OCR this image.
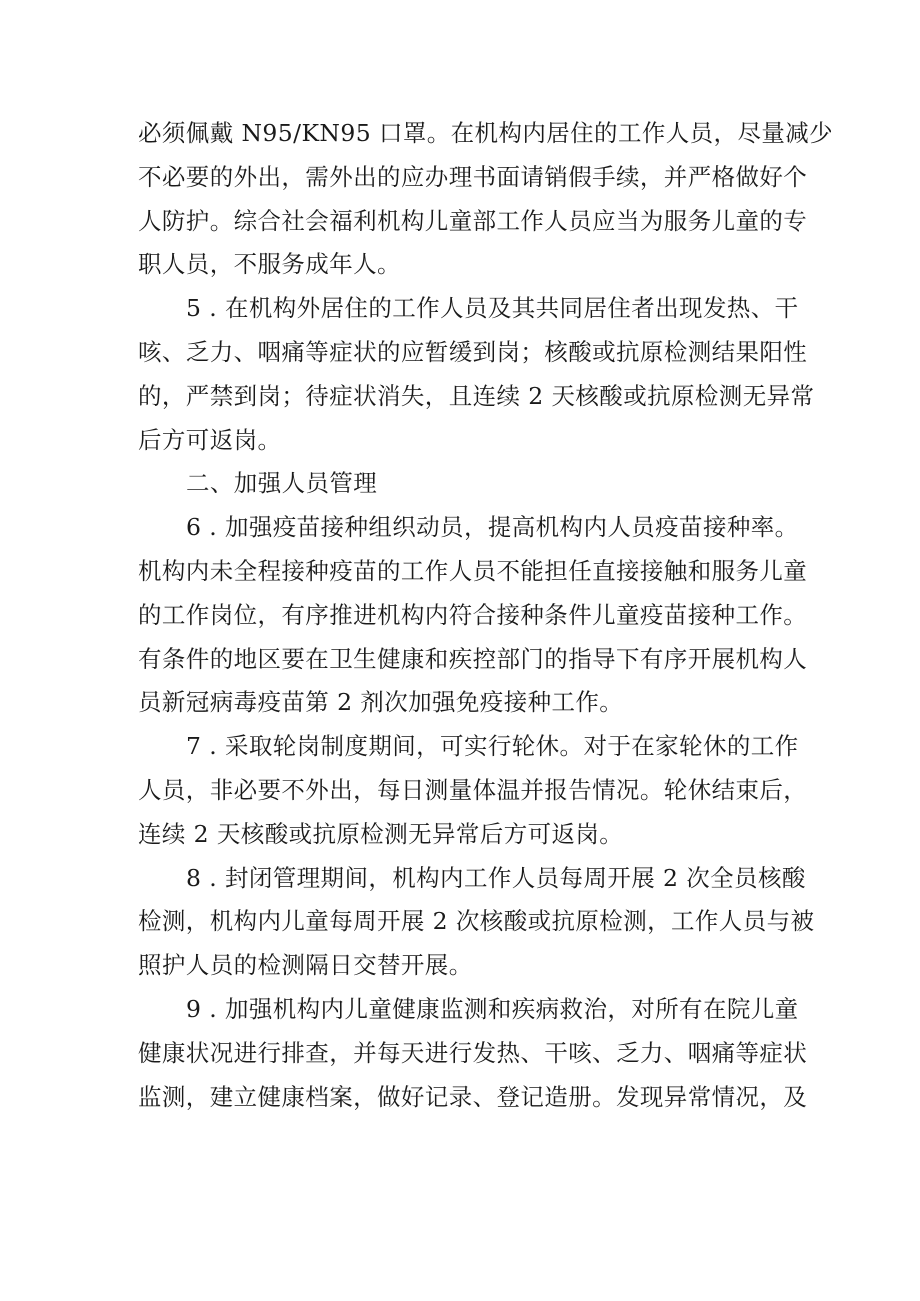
必须佩戴 N95/KN95 口罩。在机构内居住的工作人员，尽量减少
不必要的外出，需外出的应办理书面请销假手续，并严格做好个
人防护。综合社会福利机构儿童部工作人员应当为服务儿童的专
职人员，不服务成年人。
5 . 在机构外居住的工作人员及其共同居住者出现发热、干
咳、乏力、咽痛等症状的应暂缓到岗；核酸或抗原检测结果阳性
的，严禁到岗；待症状消失，且连续 2 天核酸或抗原检测无异常
后方可返岗。
二、加强人员管理
6 . 加强疫苗接种组织动员，提高机构内人员疫苗接种率。
机构内未全程接种疫苗的工作人员不能担任直接接触和服务儿童
的工作岗位，有序推进机构内符合接种条件儿童疫苗接种工作。
有条件的地区要在卫生健康和疾控部门的指导下有序开展机构人
员新冠病毒疫苗第 2 剂次加强免疫接种工作。
7 . 采取轮岗制度期间，可实行轮休。对于在家轮休的工作
人员，非必要不外出，每日测量体温并报告情况。轮休结束后，
连续 2 天核酸或抗原检测无异常后方可返岗。
8 . 封闭管理期间，机构内工作人员每周开展 2 次全员核酸
检测，机构内儿童每周开展 2 次核酸或抗原检测，工作人员与被
照护人员的检测隔日交替开展。
9 . 加强机构内儿童健康监测和疾病救治，对所有在院儿童
健康状况进行排查，并每天进行发热、干咳、乏力、咽痛等症状
监测，建立健康档案，做好记录、登记造册。发现异常情况，及
